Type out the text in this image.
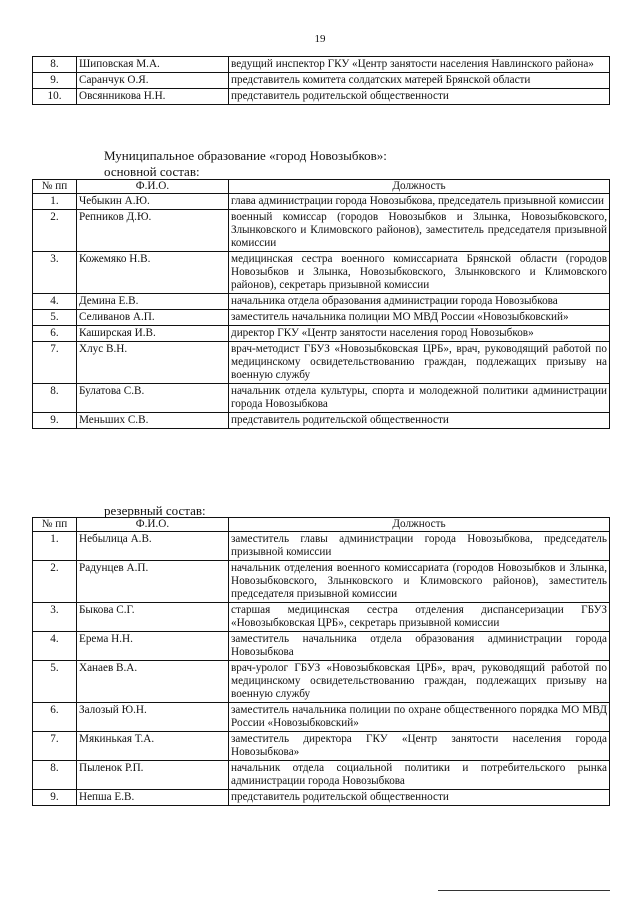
19
8.	Шиповская М.А.	ведущий инспектор ГКУ «Центр занятости населения Навлинского района»
9.	Саранчук О.Я.	представитель комитета солдатских матерей Брянской области
10.	Овсянникова Н.Н.	представитель родительской общественности
Муниципальное образование «город Новозыбков»:
основной состав:
№ пп	Ф.И.О.	Должность
1.	Чебыкин А.Ю.	глава администрации города Новозыбкова, председатель призывной комиссии
2.	Репников Д.Ю.	военный комиссар (городов Новозыбков и Злынка, Новозыбковского, Злынковского и Климовского районов), заместитель председателя призывной комиссии
3.	Кожемяко Н.В.	медицинская сестра военного комиссариата Брянской области (городов Новозыбков и Злынка, Новозыбковского, Злынковского и Климовского районов), секретарь призывной комиссии
4.	Демина Е.В.	начальника отдела образования администрации города Новозыбкова
5.	Селиванов А.П.	заместитель начальника полиции МО МВД России «Новозыбковский»
6.	Каширская И.В.	директор ГКУ «Центр занятости населения город Новозыбков»
7.	Хлус В.Н.	врач-методист ГБУЗ «Новозыбковская ЦРБ», врач, руководящий работой по медицинскому освидетельствованию граждан, подлежащих призыву на военную службу
8.	Булатова С.В.	начальник отдела культуры, спорта и молодежной политики администрации города Новозыбкова
9.	Меньших С.В.	представитель родительской общественности
резервный состав:
№ пп	Ф.И.О.	Должность
1.	Небылица А.В.	заместитель главы администрации города Новозыбкова, председатель призывной комиссии
2.	Радунцев А.П.	начальник отделения военного комиссариата (городов Новозыбков и Злынка, Новозыбковского, Злынковского и Климовского районов), заместитель председателя призывной комиссии
3.	Быкова С.Г.	старшая медицинская сестра отделения диспансеризации ГБУЗ «Новозыбковская ЦРБ», секретарь призывной комиссии
4.	Ерема Н.Н.	заместитель начальника отдела образования администрации города Новозыбкова
5.	Ханаев В.А.	врач-уролог ГБУЗ «Новозыбковская ЦРБ», врач, руководящий работой по медицинскому освидетельствованию граждан, подлежащих призыву на военную службу
6.	Залозый Ю.Н.	заместитель начальника полиции по охране общественного порядка МО МВД России «Новозыбковский»
7.	Мякинькая Т.А.	заместитель директора ГКУ «Центр занятости населения города Новозыбкова»
8.	Пыленок Р.П.	начальник отдела социальной политики и потребительского рынка администрации города Новозыбкова
9.	Непша Е.В.	представитель родительской общественности
